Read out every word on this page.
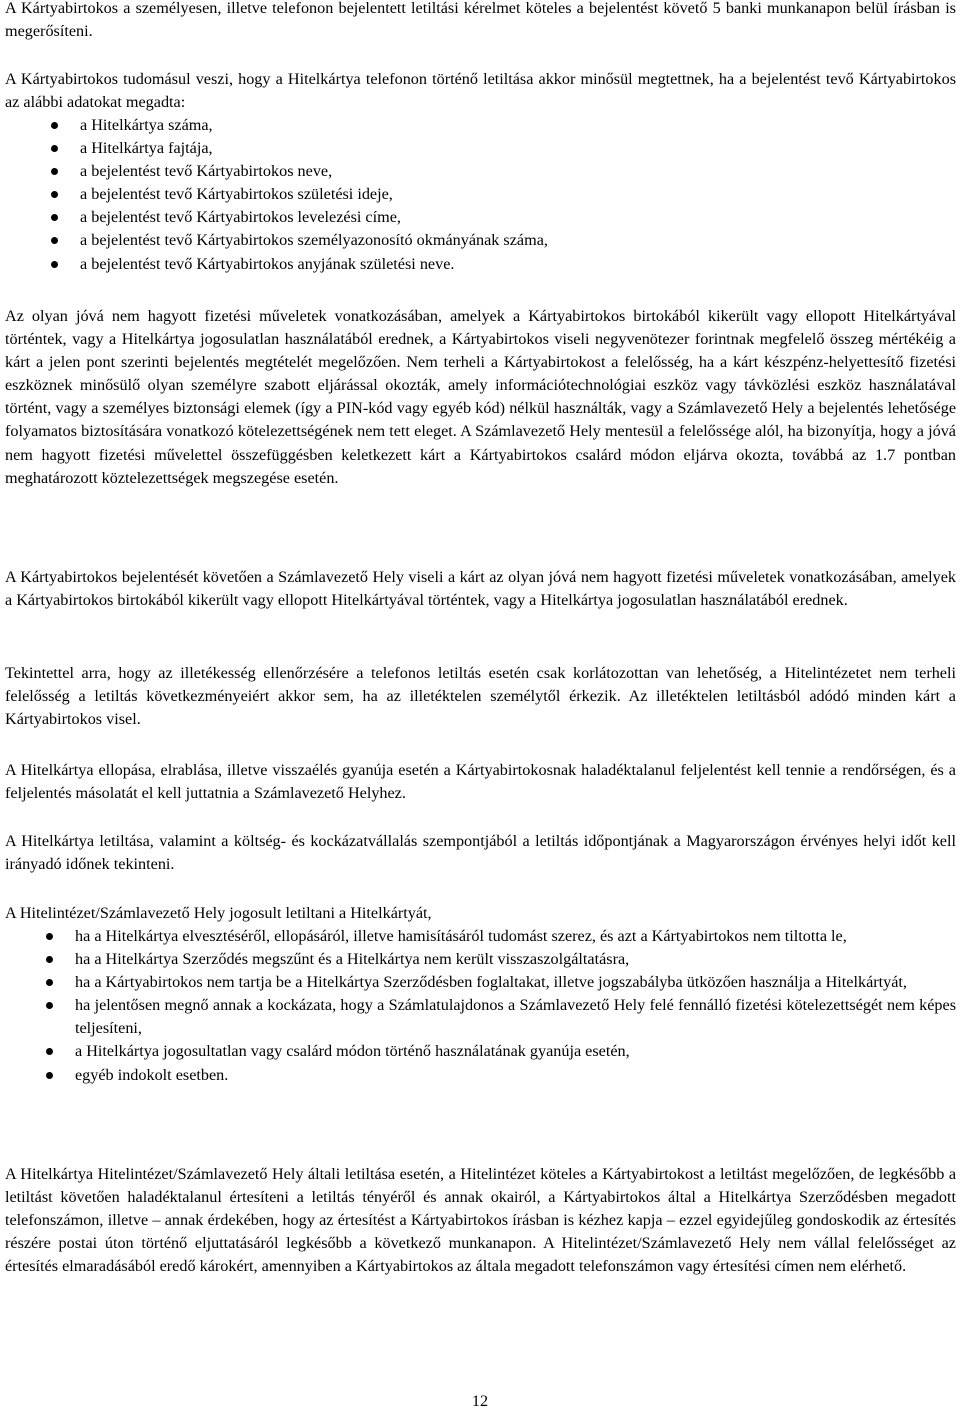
A Kártyabirtokos a személyesen, illetve telefonon bejelentett letiltási kérelmet köteles a bejelentést követő 5 banki munkanapon belül írásban is megerősíteni.

A Kártyabirtokos tudomásul veszi, hogy a Hitelkártya telefonon történő letiltása akkor minősül megtettnek, ha a bejelentést tevő Kártyabirtokos az alábbi adatokat megadta:

a Hitelkártya száma,
a Hitelkártya fajtája,
a bejelentést tevő Kártyabirtokos neve,
a bejelentést tevő Kártyabirtokos születési ideje,
a bejelentést tevő Kártyabirtokos levelezési címe,
a bejelentést tevő Kártyabirtokos személyazonosító okmányának száma,
a bejelentést tevő Kártyabirtokos anyjának születési neve.

Az olyan jóvá nem hagyott fizetési műveletek vonatkozásában, amelyek a Kártyabirtokos birtokából kikerült vagy ellopott Hitelkártyával történtek, vagy a Hitelkártya jogosulatlan használatából erednek, a Kártyabirtokos viseli negyvenötezer forintnak megfelelő összeg mértékéig a kárt a jelen pont szerinti bejelentés megtételét megelőzően. Nem terheli a Kártyabirtokost a felelősség, ha a kárt készpénz-helyettesítő fizetési eszköznek minősülő olyan személyre szabott eljárással okozták, amely információtechnológiai eszköz vagy távközlési eszköz használatával történt, vagy a személyes biztonsági elemek (így a PIN-kód vagy egyéb kód) nélkül használták, vagy a Számlavezető Hely a bejelentés lehetősége folyamatos biztosítására vonatkozó kötelezettségének nem tett eleget. A Számlavezető Hely mentesül a felelőssége alól, ha bizonyítja, hogy a jóvá nem hagyott fizetési művelettel összefüggésben keletkezett kárt a Kártyabirtokos csalárd módon eljárva okozta, továbbá az 1.7 pontban meghatározott köztelezettségek megszegése esetén.

A Kártyabirtokos bejelentését követően a Számlavezető Hely viseli a kárt az olyan jóvá nem hagyott fizetési műveletek vonatkozásában, amelyek a Kártyabirtokos birtokából kikerült vagy ellopott Hitelkártyával történtek, vagy a Hitelkártya jogosulatlan használatából erednek.

Tekintettel arra, hogy az illetékesség ellenőrzésére a telefonos letiltás esetén csak korlátozottan van lehetőség, a Hitelintézetet nem terheli felelősség a letiltás következményeiért akkor sem, ha az illetéktelen személytől érkezik. Az illetéktelen letiltásból adódó minden kárt a Kártyabirtokos visel.

A Hitelkártya ellopása, elrablása, illetve visszaélés gyanúja esetén a Kártyabirtokosnak haladéktalanul feljelentést kell tennie a rendőrségen, és a feljelentés másolatát el kell juttatnia a Számlavezető Helyhez.

A Hitelkártya letiltása, valamint a költség- és kockázatvállalás szempontjából a letiltás időpontjának a Magyarországon érvényes helyi időt kell irányadó időnek tekinteni.

A Hitelintézet/Számlavezető Hely jogosult letiltani a Hitelkártyát,

ha a Hitelkártya elvesztéséről, ellopásáról, illetve hamisításáról tudomást szerez, és azt a Kártyabirtokos nem tiltotta le,
ha a Hitelkártya Szerződés megszűnt és a Hitelkártya nem került visszaszolgáltatásra,
ha a Kártyabirtokos nem tartja be a Hitelkártya Szerződésben foglaltakat, illetve jogszabályba ütközően használja a Hitelkártyát,
ha jelentősen megnő annak a kockázata, hogy a Számlatulajdonos a Számlavezető Hely felé fennálló fizetési kötelezettségét nem képes teljesíteni,
a Hitelkártya jogosultatlan vagy csalárd módon történő használatának gyanúja esetén,
egyéb indokolt esetben.

A Hitelkártya Hitelintézet/Számlavezető Hely általi letiltása esetén, a Hitelintézet köteles a Kártyabirtokost a letiltást megelőzően, de legkésőbb a letiltást követően haladéktalanul értesíteni a letiltás tényéről és annak okairól, a Kártyabirtokos által a Hitelkártya Szerződésben megadott telefonszámon, illetve – annak érdekében, hogy az értesítést a Kártyabirtokos írásban is kézhez kapja – ezzel egyidejűleg gondoskodik az értesítés részére postai úton történő eljuttatásáról legkésőbb a következő munkanapon. A Hitelintézet/Számlavezető Hely nem vállal felelősséget az értesítés elmaradásából eredő károkért, amennyiben a Kártyabirtokos az általa megadott telefonszámon vagy értesítési címen nem elérhető.

12
